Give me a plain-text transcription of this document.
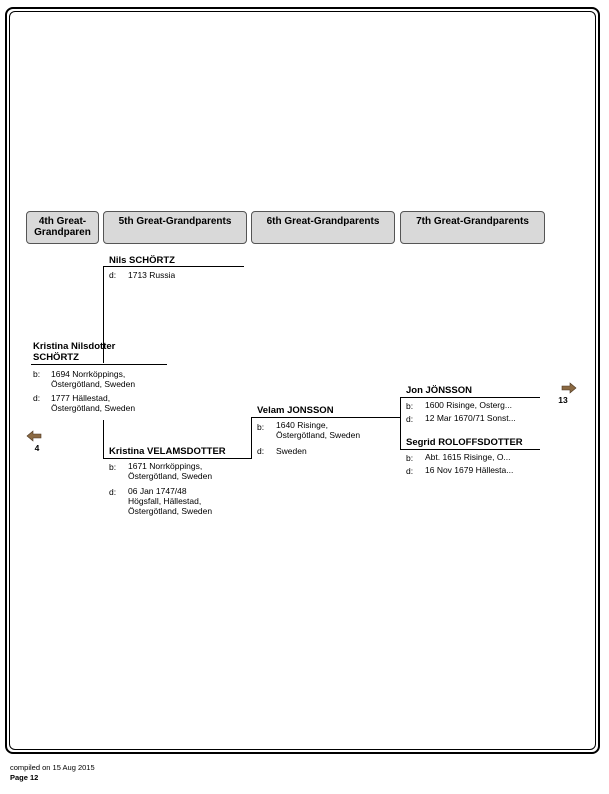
4th Great-Grandparen
5th Great-Grandparents	6th Great-Grandparents	7th Great-Grandparents
Kristina Nilsdotter
SCHÖRTZ
b: 1694 Norrköppings,
Östergötland, Sweden
d: 1777 Hällestad,
Östergötland, Sweden
Nils SCHÖRTZ
d: 1713 Russia
Kristina VELAMSDOTTER
b: 1671 Norrköppings,
Östergötland, Sweden
d: 06 Jan 1747/48
Högsfall, Hällestad,
Östergötland, Sweden
Velam JONSSON
b: 1640 Risinge,
Östergötland, Sweden
d: Sweden
Jon JÖNSSON
b: 1600 Risinge, Osterg...
d: 12 Mar 1670/71 Sonst...
Segrid ROLOFFSDOTTER
b: Abt. 1615 Risinge, O...
d: 16 Nov 1679 Hällesta...
4
13
compiled on 15 Aug 2015
Page 12
